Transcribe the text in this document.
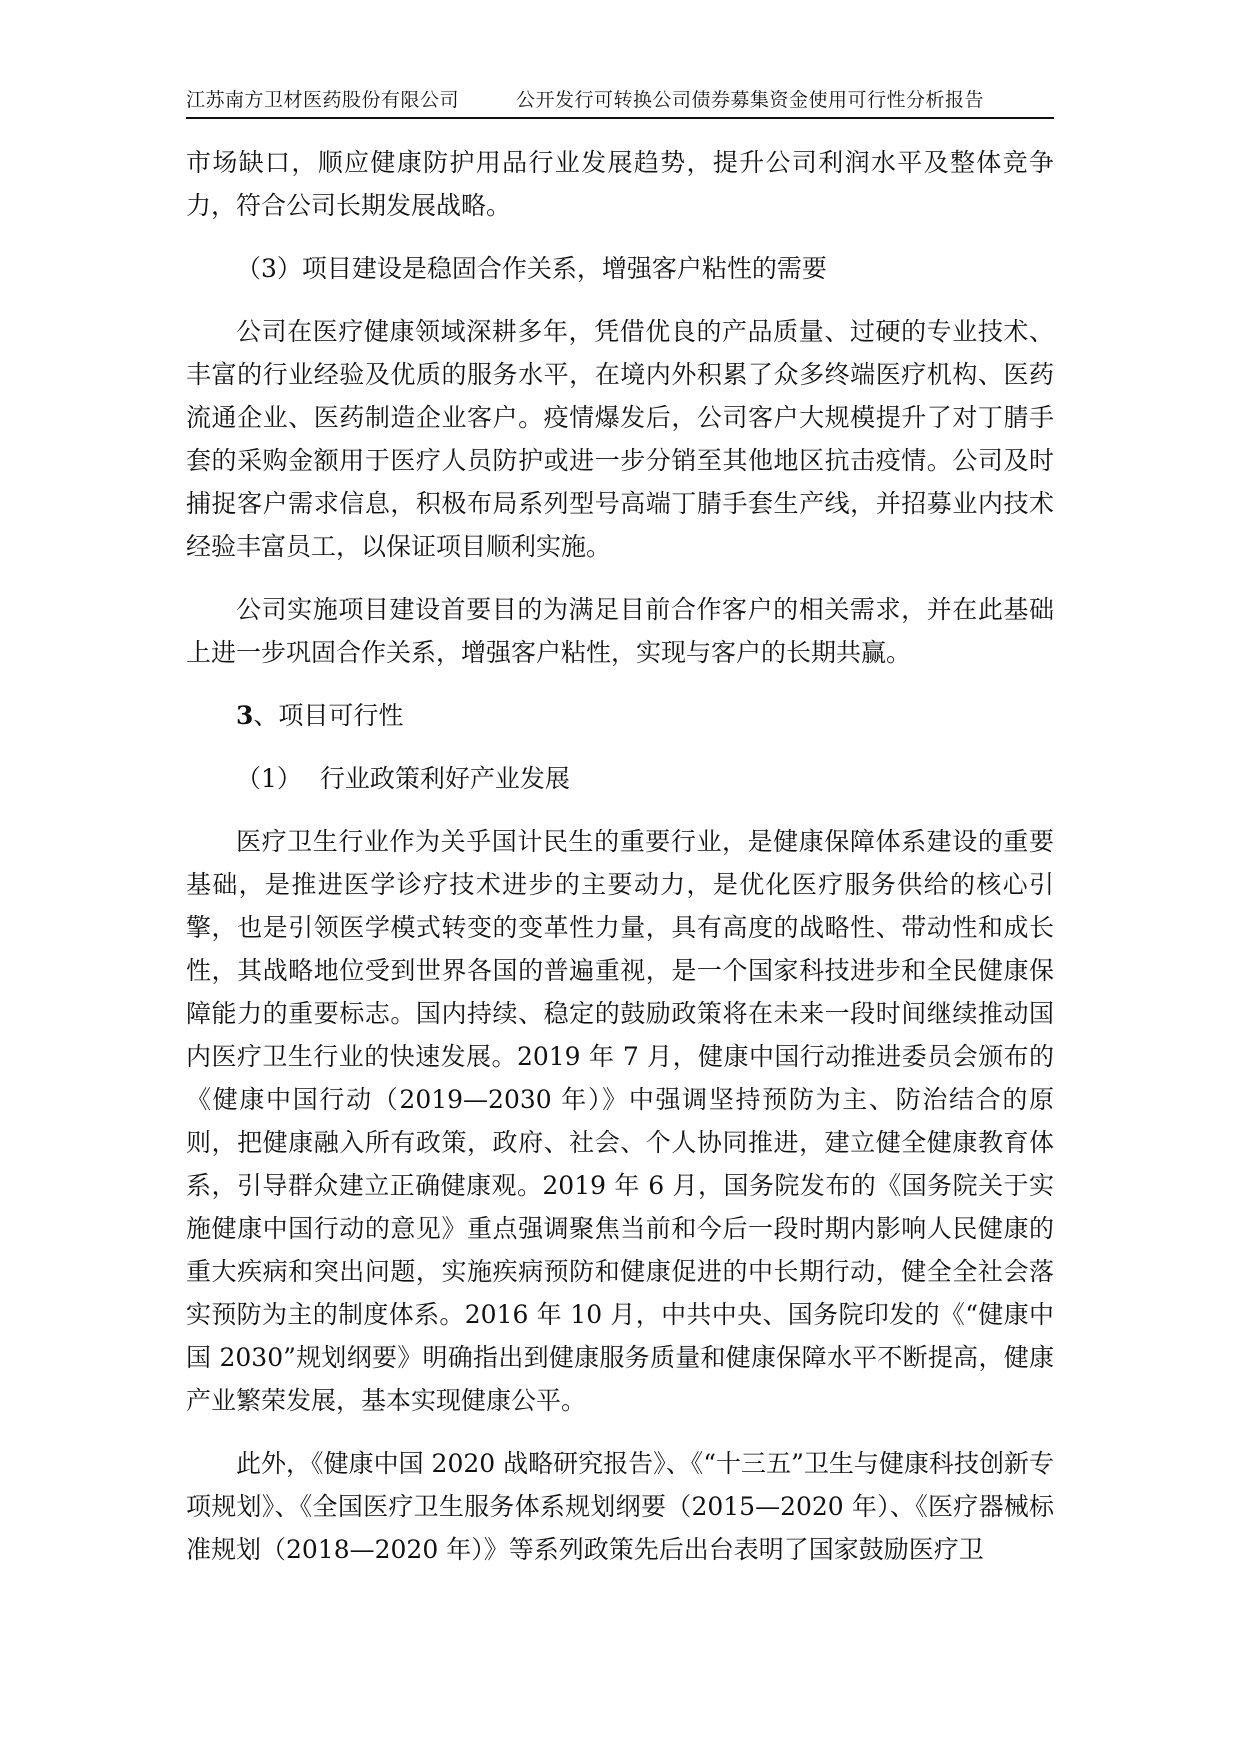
江苏南方卫材医药股份有限公司	公开发行可转换公司债券募集资金使用可行性分析报告

市场缺口，顺应健康防护用品行业发展趋势，提升公司利润水平及整体竞争力，符合公司长期发展战略。

（3）项目建设是稳固合作关系，增强客户粘性的需要

公司在医疗健康领域深耕多年，凭借优良的产品质量、过硬的专业技术、丰富的行业经验及优质的服务水平，在境内外积累了众多终端医疗机构、医药流通企业、医药制造企业客户。疫情爆发后，公司客户大规模提升了对丁腈手套的采购金额用于医疗人员防护或进一步分销至其他地区抗击疫情。公司及时捕捉客户需求信息，积极布局系列型号高端丁腈手套生产线，并招募业内技术经验丰富员工，以保证项目顺利实施。

公司实施项目建设首要目的为满足目前合作客户的相关需求，并在此基础上进一步巩固合作关系，增强客户粘性，实现与客户的长期共赢。

3、项目可行性

（1） 行业政策利好产业发展

医疗卫生行业作为关乎国计民生的重要行业，是健康保障体系建设的重要基础，是推进医学诊疗技术进步的主要动力，是优化医疗服务供给的核心引擎，也是引领医学模式转变的变革性力量，具有高度的战略性、带动性和成长性，其战略地位受到世界各国的普遍重视，是一个国家科技进步和全民健康保障能力的重要标志。国内持续、稳定的鼓励政策将在未来一段时间继续推动国内医疗卫生行业的快速发展。2019 年 7 月，健康中国行动推进委员会颁布的《健康中国行动（2019—2030 年）》中强调坚持预防为主、防治结合的原则，把健康融入所有政策，政府、社会、个人协同推进，建立健全健康教育体系，引导群众建立正确健康观。2019 年 6 月，国务院发布的《国务院关于实施健康中国行动的意见》重点强调聚焦当前和今后一段时期内影响人民健康的重大疾病和突出问题，实施疾病预防和健康促进的中长期行动，健全全社会落实预防为主的制度体系。2016 年 10 月，中共中央、国务院印发的《“健康中国 2030”规划纲要》明确指出到健康服务质量和健康保障水平不断提高，健康产业繁荣发展，基本实现健康公平。

此外，《健康中国 2020 战略研究报告》、《“十三五”卫生与健康科技创新专项规划》、《全国医疗卫生服务体系规划纲要（2015—2020 年）、《医疗器械标准规划（2018—2020 年）》等系列政策先后出台表明了国家鼓励医疗卫
